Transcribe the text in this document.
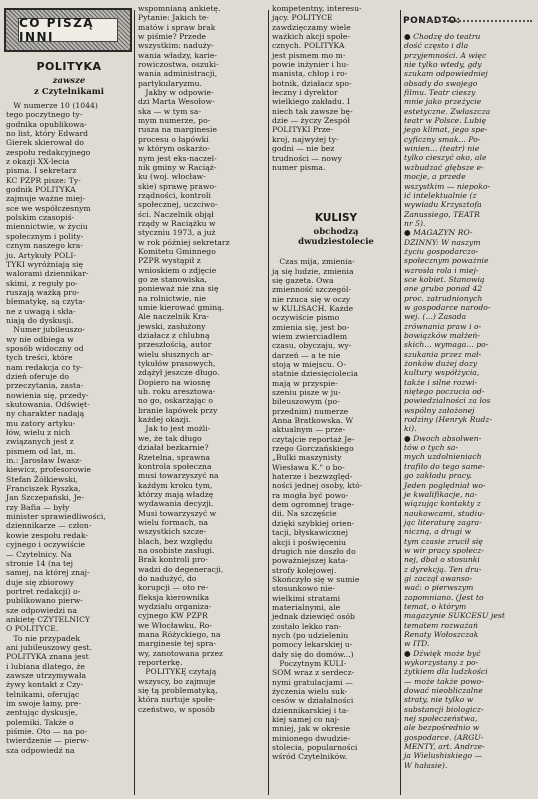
CO PISZĄ INNI
POLITYKA
zawsze
z Czytelnikami

W numerze 10 (1044)

tego poczytnego ty-

godnika opublikowa-

no list, który Edward

Gierek skierował do

zespołu redakcyjnego

z okazji XX-lecia

pisma. I sekretarz

KC PZPR pisze: Ty-

godnik POLITYKA

zajmuje ważne miej-

sce we współczesnym

polskim czasopiś-

miennictwie, w życiu

społecznym i polity-

cznym naszego kra-

ju. Artykuły POLI-

TYKI wyróżniają się

walorami dziennikar-

skimi, z reguły po-

ruszają ważką pro-

blematykę, są czyta-

ne z uwagą i skła-

niają do dyskusji.

Numer jubileuszo-

wy nie odbiega w

sposób widoczny od

tych treści, które

nam redakcja co ty-

dzień oferuje do

przeczytania, zasta-

nowienia się, przedy-

skutowania. Odświęt-

ny charakter nadają

mu zatory artyku-

łów, wielu z nich

związanych jest z

pismem od lat, m.

in.: Jarosław Iwasz-

kiewicz, profesorowie

Stefan Żółkiewski,

Franciszek Ryszka,

Jan Szczepański, Je-

rzy Bafia — były

minister sprawiedliwości,

dziennikarze — człon-

kowie zespołu redak-

cyjnego i oczywiście

— Czytelnicy. Na

stronie 14 (na tej

samej, na której znaj-

duje się zbiorowy

portret redakcji) o-

publikowano pierw-

sze odpowiedzi na

ankietę CZYTELNICY

O POLITYCE.

To nie przypadek

ani jubileuszowy gest.

POLITYKA znana jest

i lubiana dlatego, że

zawsze utrzymywała

żywy kontakt z Czy-

telnikami, oferując

im swoje łamy, pre-

zentując dyskusje,

polemiki. Także o

piśmie. Oto — na po-

twierdzenie — pierw-

sza odpowiedź na

wspomnianą ankietę.

Pytanie: Jakich te-

matów i spraw brak

w piśmie? Przede

wszystkim: naduży-

wania władzy, karie-

rowiczostwa, oszuki-

wania administracji,

partykularyzmu.

Jakby w odpowie-

dzi Marta Wesołow-

ska — w tym sa-

mym numerze, po-

rusza na marginesie

procesu o łapówki

w którym oskarżo-

nym jest eks-naczel-

nik gminy w Raciąż-

ku (woj. włocław-

skie) sprawę prawo-

rządności, kontroli

społecznej, uczciwo-

ści. Naczelnik objął

rządy w Raciążku w

styczniu 1973, a już

w rok później sekretarz

Komitetu Gminnego

PZPR wystąpił z

wnioskiem o zdjęcie

go ze stanowiska,

ponieważ nie zna się

na rolnictwie, nie

umie kierować gminą.

Ale naczelnik Kra-

jewski, zasłużony

działacz z chlubną

przeszłością, autor

wielu słusznych ar-

tykułów prasowych,

zdążył jeszcze długo.

Dopiero na wiosnę

ub. roku aresztowa-

no go, oskarżając o

branie łapówek przy

każdej okazji.

Jak to jest możli-

we, że tak długo

działał bezkarnie?

Rzetelna, sprawna

kontrola społeczna

musi towarzyszyć na

każdym kroku tym,

którzy mają władzę

wydawania decyzji.

Musi towarzyszyć w

wielu formach, na

wszystkich szcze-

blach, bez względu

na osobiste zasługi.

Brak kontroli pro-

wadzi do degeneracji,

do nadużyć, do

korupcji — oto re-

fleksja kierownika

wydziału organiza-

cyjnego KW PZPR

we Włocławku, Ro-

mana Różyckiego, na

marginesie tej spra-

wy, zanotowana przez

reporterkę.

POLITYKĘ czytają

wszyscy, bo zajmuje

się tą problematyką,

która nurtuje społe-

czeństwo, w sposób

kompetentny, interesu-

jący. POLITYCE

zawdzięczamy wiele

ważkich akcji społe-

cznych. POLITYKA

jest pismem mo m-

powie inżynier i hu-

manista, chłop i ro-

botnik, działacz spo-

łeczny i dyrektor

wielkiego zakładu. I

niech tak zawsze bę-

dzie — życzy Zespół

POLITYKI Prze-

kroj, najwyżej ty-

godni — nie bez

trudności — nowy

numer pisma.

KULISY
obchodzą
dwudziestolecie

Czas mija, zmienia-

ją się ludzie, zmienia

się gazeta. Owa

zmienność szczegól-

nie rzuca się w oczy

w KULISACH. Każde

oczywiście pismo

zmienia się, jest bo-

wiem zwierciadłem

czasu, obyczaju, wy-

darzeń — a te nie

stoją w miejscu. O-

statnie dziesięciolecia

mają w przyspie-

szeniu pisze w ju-

bileuszowym (po-

przednim) numerze

Anna Bratkowska. W

aktualnym — prze-

czytajcie reportaż Je-

rzego Gorczańskiego

„Bulki maszynisty

Wiesława K." o bo-

haterze i bezwzględ-

ności jednej osoby, któ-

ra mogła być powo-

dem ogromnej trage-

dii. Na szczęście

dzięki szybkiej orien-

tacji, błyskawicznej

akcji i poświęceniu

drugich nie doszło do

poważniejszej kata-

strofy kolejowej.

Skończyło się w sumie

stosunkowo nie-

wielkimi stratami

materialnymi, ale

jednak dziewięć osób

zostało lekko ran-

nych (po udzieleniu

pomocy lekarskiej u-

dały się do domów...)

Poczytnym KULI-

SOM wraz z serdecz-

nymi gratulacjami —

życzenia wielu suk-

cesów w działalności

dziennikarskiej i ta-

kiej samej co naj-

mniej, jak w okresie

minionego dwudzie-

stolecia, popularności

wśród Czytelników.

PONADTO:

● Chodzę do teatru

dość często i dla

przyjemności. A więc

nie tylko wtedy, gdy

szukam odpowiedniej

obsady do swojego

filmu. Teatr cieszy

mnie jako przeżycie

estetyczne. Zwłaszcza

teatr w Polsce. Lubię

jego klimat, jego spe-

cyficzny smak... Po-

winien... (teatr) nie

tylko cieszyć oko, ale

wzbudzać głębsze e-

mocje, a przede

wszystkim — niepoko-

ić intelektualnie (z

wywiadu Krzysztofa

Zanussiego, TEATR

nr 5).

● MAGAZYN RO-

DZINNY: W naszym

życiu gospodarczo-

społecznym poważnie

wzrosła rola i miej-

sce kobiet. Stanowią

one grubo ponad 42

proc. zatrudnionych

w gospodarce narodo-

wej. (...) Zasada

zrównania praw i o-

bowiązków małżeń-

skich... wymaga... po-

szukania przez mał-

żonków dużej dozy

kultury współżycia,

także i silne rozwi-

niętego poczucia od-

powiedzialności za los

wspólny założonej

rodziny (Henryk Rudz-

ki).

● Dwoch absolwen-

tów o tych sa-

mych uzdolnieniach

trafiło do tego same-

go zakładu pracy.

Jeden poględniał wo-

je kwalifikacje, na-

wiązując kontakty z

naukowcami, studiu-

jąc literaturę zagra-

niczną, a drugi w

tym czasie zrucił się

w wir pracy społecz-

nej, dbał o stosunki

z dyrekcją. Ten dru-

gi zaczął awanso-

wać: o pierwszym

zapomniano. (Jest to

temat, o którym

magazynie SUKCESU jest

tematem rozważań

Renaty Wołoszczak

w ITD.

● Dźwięk może być

wykorzystany z po-

żytkiem dla ludzkości

— może także powo-

dować nieobliczalne

straty, nie tylko w

substancji biologicz-

nej społeczeństwa,

ale bezpośrednio w

gospodarce. (ARGU-

MENTY, art. Andrze-

ja Wielushiskiego —

W hałasie).
